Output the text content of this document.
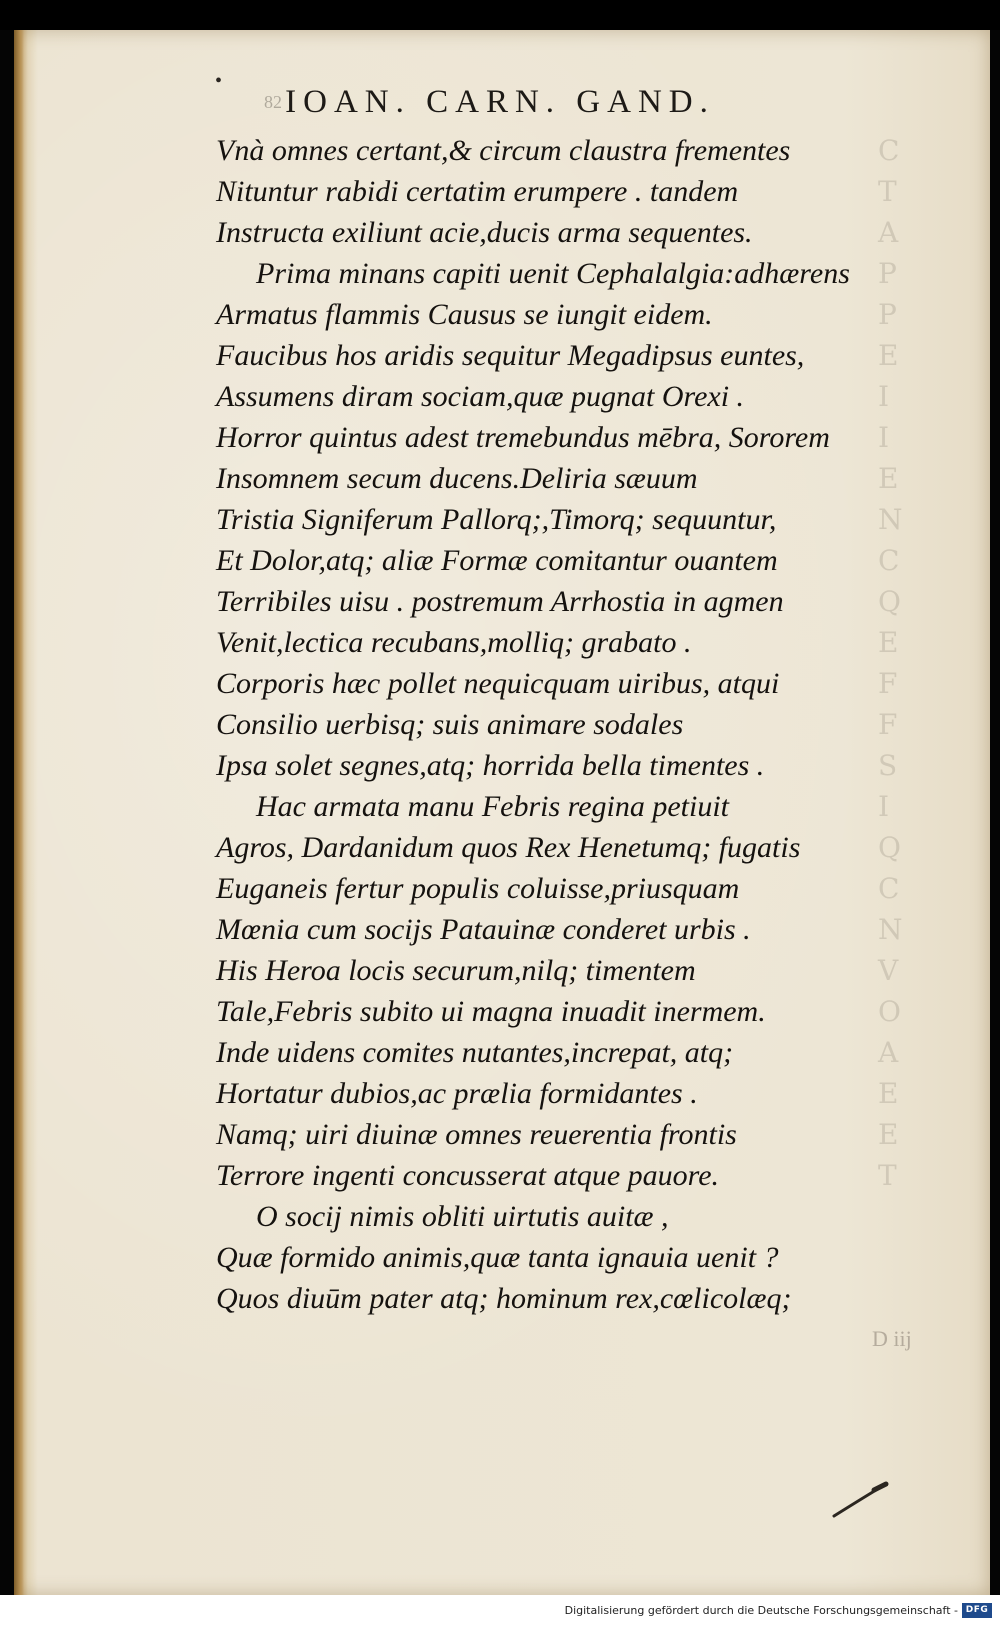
C
T
A
P
P
E
I
I
E
N
C
Q
E
F
F
S
I
Q
C
N
V
O
A
E
E
T
•
82 IOAN. CARN. GAND.
Vnà omnes certant,& circum claustra frementes
Nituntur rabidi certatim erumpere . tandem
Instructa exiliunt acie,ducis arma sequentes.
Prima minans capiti uenit Cephalalgia:adhærens
Armatus flammis Causus se iungit eidem.
Faucibus hos aridis sequitur Megadipsus euntes,
Assumens diram sociam,quæ pugnat Orexi .
Horror quintus adest tremebundus mēbra, Sororem
Insomnem secum ducens.Deliria sæuum
Tristia Signiferum Pallorq;,Timorq; sequuntur,
Et Dolor,atq; aliæ Formæ comitantur ouantem
Terribiles uisu . postremum Arrhostia in agmen
Venit,lectica recubans,molliq; grabato .
Corporis hæc pollet nequicquam uiribus, atqui
Consilio uerbisq; suis animare sodales
Ipsa solet segnes,atq; horrida bella timentes .
Hac armata manu Febris regina petiuit
Agros, Dardanidum quos Rex Henetumq; fugatis
Euganeis fertur populis coluisse,priusquam
Mœnia cum socijs Patauinæ conderet urbis .
His Heroa locis securum,nilq; timentem
Tale,Febris subito ui magna inuadit inermem.
Inde uidens comites nutantes,increpat, atq;
Hortatur dubios,ac prælia formidantes .
Namq; uiri diuinæ omnes reuerentia frontis
Terrore ingenti concusserat atque pauore.
O socij nimis obliti uirtutis auitæ ,
Quæ formido animis,quæ tanta ignauia uenit ?
Quos diuūm pater atq; hominum rex,cœlicolæq;
D iij
Digitalisierung gefördert durch die Deutsche Forschungsgemeinschaft - DFG
